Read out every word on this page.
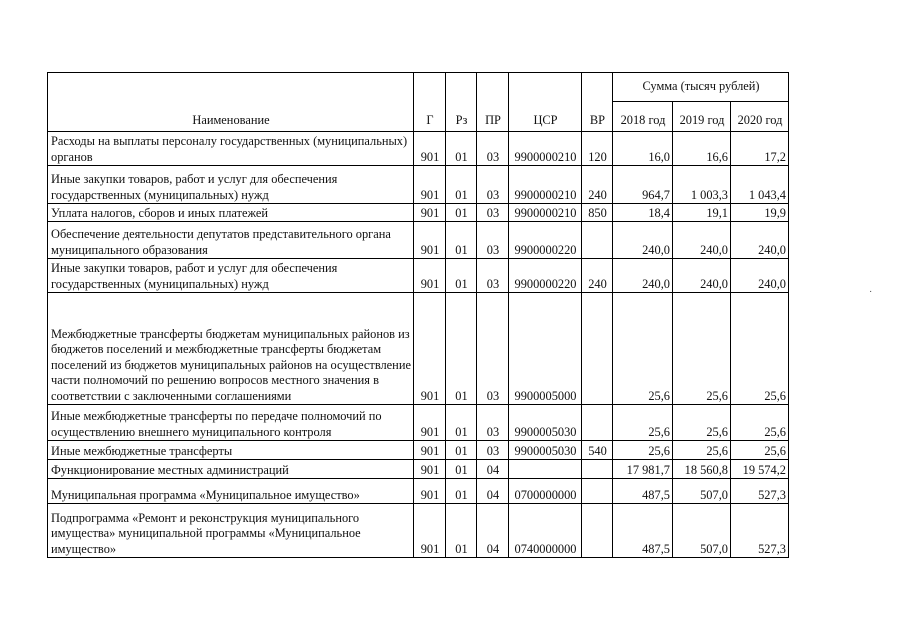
Наименование	Г	Рз	ПР	ЦСР	ВР	Сумма (тысяч рублей)		
						2018 год	2019 год	2020 год
Расходы на выплаты персоналу государственных (муниципальных) органов	901	01	03	9900000210	120	16,0	16,6	17,2
Иные закупки товаров, работ и услуг для обеспечения государственных (муниципальных) нужд	901	01	03	9900000210	240	964,7	1 003,3	1 043,4
Уплата налогов, сборов и иных платежей	901	01	03	9900000210	850	18,4	19,1	19,9
Обеспечение деятельности депутатов представительного органа муниципального образования	901	01	03	9900000220		240,0	240,0	240,0
Иные закупки товаров, работ и услуг для обеспечения государственных (муниципальных) нужд	901	01	03	9900000220	240	240,0	240,0	240,0
Межбюджетные трансферты бюджетам муниципальных районов из бюджетов поселений и межбюджетные трансферты бюджетам поселений из бюджетов муниципальных районов на осуществление части полномочий по решению вопросов местного значения в соответствии с заключенными соглашениями	901	01	03	9900005000		25,6	25,6	25,6
Иные межбюджетные трансферты по передаче полномочий по осуществлению внешнего муниципального контроля	901	01	03	9900005030		25,6	25,6	25,6
Иные межбюджетные трансферты	901	01	03	9900005030	540	25,6	25,6	25,6
Функционирование местных администраций	901	01	04			17 981,7	18 560,8	19 574,2
Муниципальная программа «Муниципальное имущество»	901	01	04	0700000000		487,5	507,0	527,3
Подпрограмма «Ремонт и реконструкция муниципального имущества» муниципальной программы «Муниципальное имущество»	901	01	04	0740000000		487,5	507,0	527,3
·
